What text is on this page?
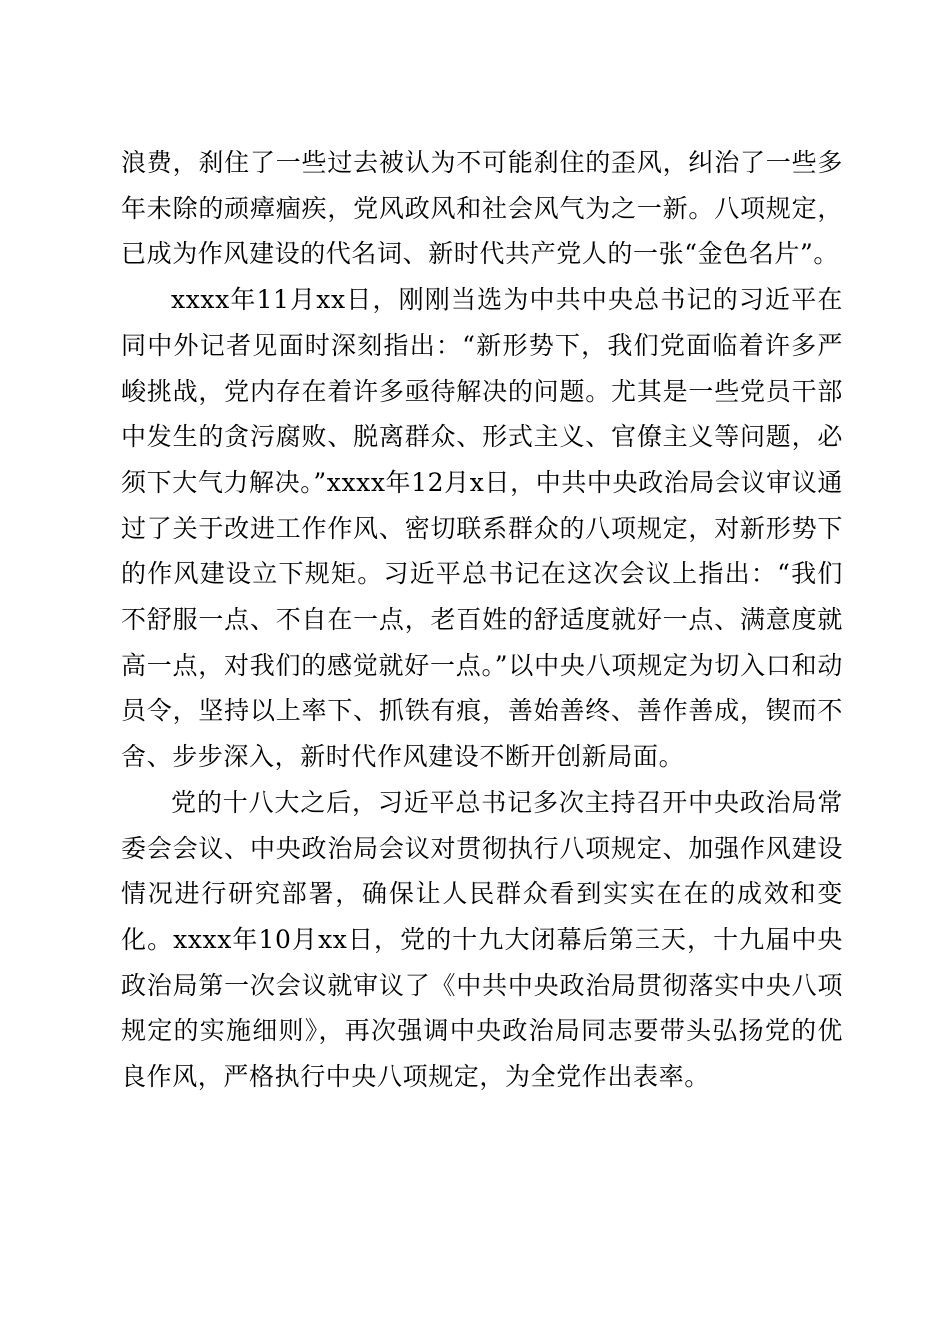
浪费，刹住了一些过去被认为不可能刹住的歪风，纠治了一些多年未除的顽瘴痼疾，党风政风和社会风气为之一新。八项规定，已成为作风建设的代名词、新时代共产党人的一张“金色名片”。

xxxx年11月xx日，刚刚当选为中共中央总书记的习近平在同中外记者见面时深刻指出：“新形势下，我们党面临着许多严峻挑战，党内存在着许多亟待解决的问题。尤其是一些党员干部中发生的贪污腐败、脱离群众、形式主义、官僚主义等问题，必须下大气力解决。”xxxx年12月x日，中共中央政治局会议审议通过了关于改进工作作风、密切联系群众的八项规定，对新形势下的作风建设立下规矩。习近平总书记在这次会议上指出：“我们不舒服一点、不自在一点，老百姓的舒适度就好一点、满意度就高一点，对我们的感觉就好一点。”以中央八项规定为切入口和动员令，坚持以上率下、抓铁有痕，善始善终、善作善成，锲而不舍、步步深入，新时代作风建设不断开创新局面。

党的十八大之后，习近平总书记多次主持召开中央政治局常委会会议、中央政治局会议对贯彻执行八项规定、加强作风建设情况进行研究部署，确保让人民群众看到实实在在的成效和变化。xxxx年10月xx日，党的十九大闭幕后第三天，十九届中央政治局第一次会议就审议了《中共中央政治局贯彻落实中央八项规定的实施细则》，再次强调中央政治局同志要带头弘扬党的优良作风，严格执行中央八项规定，为全党作出表率。
